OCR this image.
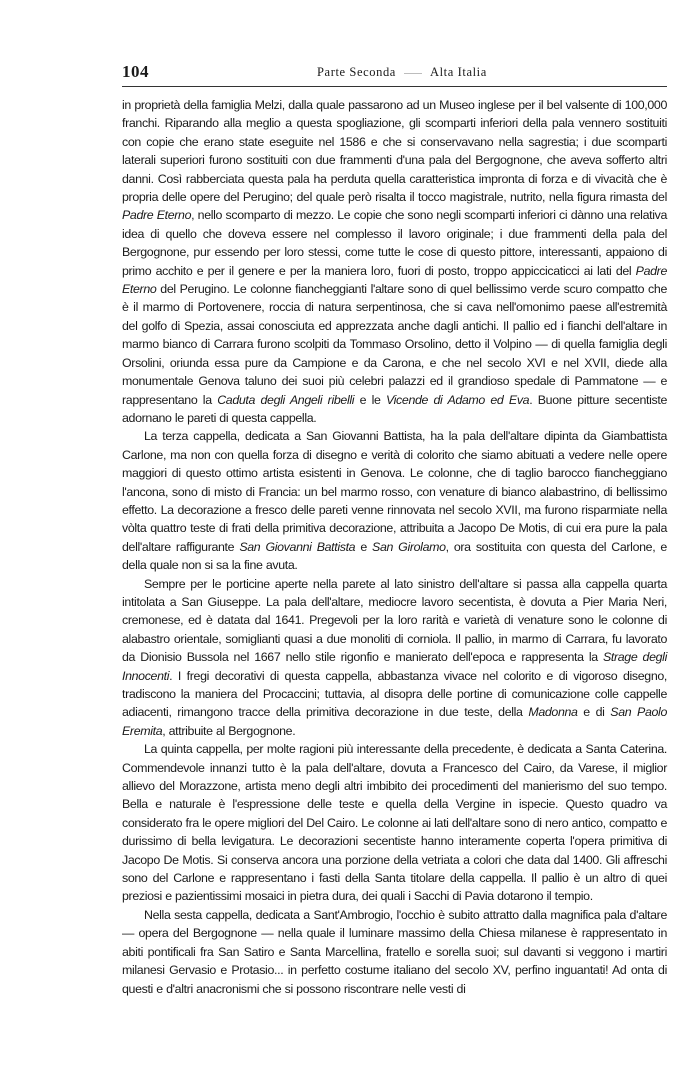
104	Parte Seconda	Alta Italia

in proprietà della famiglia Melzi, dalla quale passarono ad un Museo inglese per il bel valsente di 100,000 franchi. Riparando alla meglio a questa spogliazione, gli scomparti inferiori della pala vennero sostituiti con copie che erano state eseguite nel 1586 e che si conservavano nella sagrestia; i due scomparti laterali superiori furono sostituiti con due frammenti d'una pala del Bergognone, che aveva sofferto altri danni. Così rabberciata questa pala ha perduta quella caratteristica impronta di forza e di vivacità che è propria delle opere del Perugino; del quale però risalta il tocco magistrale, nutrito, nella figura rimasta del Padre Eterno, nello scomparto di mezzo. Le copie che sono negli scomparti inferiori ci dànno una relativa idea di quello che doveva essere nel complesso il lavoro originale; i due frammenti della pala del Bergognone, pur essendo per loro stessi, come tutte le cose di questo pittore, interessanti, appaiono di primo acchito e per il genere e per la maniera loro, fuori di posto, troppo appiccicaticci ai lati del Padre Eterno del Perugino. Le colonne fiancheggianti l'altare sono di quel bellissimo verde scuro compatto che è il marmo di Portovenere, roccia di natura serpentinosa, che si cava nell'omonimo paese all'estremità del golfo di Spezia, assai conosciuta ed apprezzata anche dagli antichi. Il pallio ed i fianchi dell'altare in marmo bianco di Carrara furono scolpiti da Tommaso Orsolino, detto il Volpino — di quella famiglia degli Orsolini, oriunda essa pure da Campione e da Carona, e che nel secolo XVI e nel XVII, diede alla monumentale Genova taluno dei suoi più celebri palazzi ed il grandioso spedale di Pammatone — e rappresentano la Caduta degli Angeli ribelli e le Vicende di Adamo ed Eva. Buone pitture secentiste adornano le pareti di questa cappella.

La terza cappella, dedicata a San Giovanni Battista, ha la pala dell'altare dipinta da Giambattista Carlone, ma non con quella forza di disegno e verità di colorito che siamo abituati a vedere nelle opere maggiori di questo ottimo artista esistenti in Genova. Le colonne, che di taglio barocco fiancheggiano l'ancona, sono di misto di Francia: un bel marmo rosso, con venature di bianco alabastrino, di bellissimo effetto. La decorazione a fresco delle pareti venne rinnovata nel secolo XVII, ma furono risparmiate nella vòlta quattro teste di frati della primitiva decorazione, attribuita a Jacopo De Motis, di cui era pure la pala dell'altare raffigurante San Giovanni Battista e San Girolamo, ora sostituita con questa del Carlone, e della quale non si sa la fine avuta.

Sempre per le porticine aperte nella parete al lato sinistro dell'altare si passa alla cappella quarta intitolata a San Giuseppe. La pala dell'altare, mediocre lavoro secentista, è dovuta a Pier Maria Neri, cremonese, ed è datata dal 1641. Pregevoli per la loro rarità e varietà di venature sono le colonne di alabastro orientale, somiglianti quasi a due monoliti di corniola. Il pallio, in marmo di Carrara, fu lavorato da Dionisio Bussola nel 1667 nello stile rigonfio e manierato dell'epoca e rappresenta la Strage degli Innocenti. I fregi decorativi di questa cappella, abbastanza vivace nel colorito e di vigoroso disegno, tradiscono la maniera del Procaccini; tuttavia, al disopra delle portine di comunicazione colle cappelle adiacenti, rimangono tracce della primitiva decorazione in due teste, della Madonna e di San Paolo Eremita, attribuite al Bergognone.

La quinta cappella, per molte ragioni più interessante della precedente, è dedicata a Santa Caterina. Commendevole innanzi tutto è la pala dell'altare, dovuta a Francesco del Cairo, da Varese, il miglior allievo del Morazzone, artista meno degli altri imbibito dei procedimenti del manierismo del suo tempo. Bella e naturale è l'espressione delle teste e quella della Vergine in ispecie. Questo quadro va considerato fra le opere migliori del Del Cairo. Le colonne ai lati dell'altare sono di nero antico, compatto e durissimo di bella levigatura. Le decorazioni secentiste hanno interamente coperta l'opera primitiva di Jacopo De Motis. Si conserva ancora una porzione della vetriata a colori che data dal 1400. Gli affreschi sono del Carlone e rappresentano i fasti della Santa titolare della cappella. Il pallio è un altro di quei preziosi e pazientissimi mosaici in pietra dura, dei quali i Sacchi di Pavia dotarono il tempio.

Nella sesta cappella, dedicata a Sant'Ambrogio, l'occhio è subito attratto dalla magnifica pala d'altare — opera del Bergognone — nella quale il luminare massimo della Chiesa milanese è rappresentato in abiti pontificali fra San Satiro e Santa Marcellina, fratello e sorella suoi; sul davanti si veggono i martiri milanesi Gervasio e Protasio... in perfetto costume italiano del secolo XV, perfino inguantati! Ad onta di questi e d'altri anacronismi che si possono riscontrare nelle vesti di
